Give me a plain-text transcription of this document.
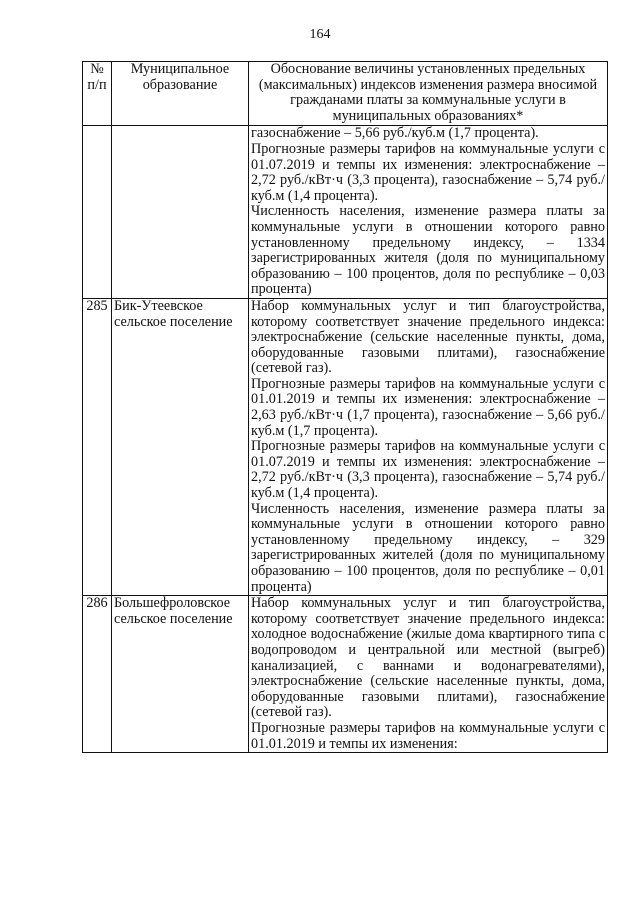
164
№ п/п	Муниципальное образование	Обоснование величины установленных предельных (максимальных) индексов изменения размера вносимой гражданами платы за коммунальные услуги в муниципальных образованиях*

		газоснабжение – 5,66 руб./куб.м (1,7 процента).
Прогнозные размеры тарифов на коммунальные услуги с 01.07.2019 и темпы их изменения: электроснабжение – 2,72 руб./кВт·ч (3,3 процента), газоснабжение – 5,74 руб./куб.м (1,4 процента).
Численность населения, изменение размера платы за коммунальные услуги в отношении которого равно установленному предельному индексу, – 1334 зарегистрированных жителя (доля по муниципальному образованию – 100 процентов, доля по республике – 0,03 процента)

285	Бик-Утеевское сельское поселение	Набор коммунальных услуг и тип благоустройства, которому соответствует значение предельного индекса: электроснабжение (сельские населенные пункты, дома, оборудованные газовыми плитами), газоснабжение (сетевой газ).
Прогнозные размеры тарифов на коммунальные услуги с 01.01.2019 и темпы их изменения: электроснабжение – 2,63 руб./кВт·ч (1,7 процента), газоснабжение – 5,66 руб./куб.м (1,7 процента).
Прогнозные размеры тарифов на коммунальные услуги с 01.07.2019 и темпы их изменения: электроснабжение – 2,72 руб./кВт·ч (3,3 процента), газоснабжение – 5,74 руб./куб.м (1,4 процента).
Численность населения, изменение размера платы за коммунальные услуги в отношении которого равно установленному предельному индексу, – 329 зарегистрированных жителей (доля по муниципальному образованию – 100 процентов, доля по республике – 0,01 процента)

286	Большефроловское сельское поселение	Набор коммунальных услуг и тип благоустройства, которому соответствует значение предельного индекса: холодное водоснабжение (жилые дома квартирного типа с водопроводом и центральной или местной (выгреб) канализацией, с ваннами и водонагревателями), электроснабжение (сельские населенные пункты, дома, оборудованные газовыми плитами), газоснабжение (сетевой газ).
Прогнозные размеры тарифов на коммунальные услуги с 01.01.2019 и темпы их изменения:
